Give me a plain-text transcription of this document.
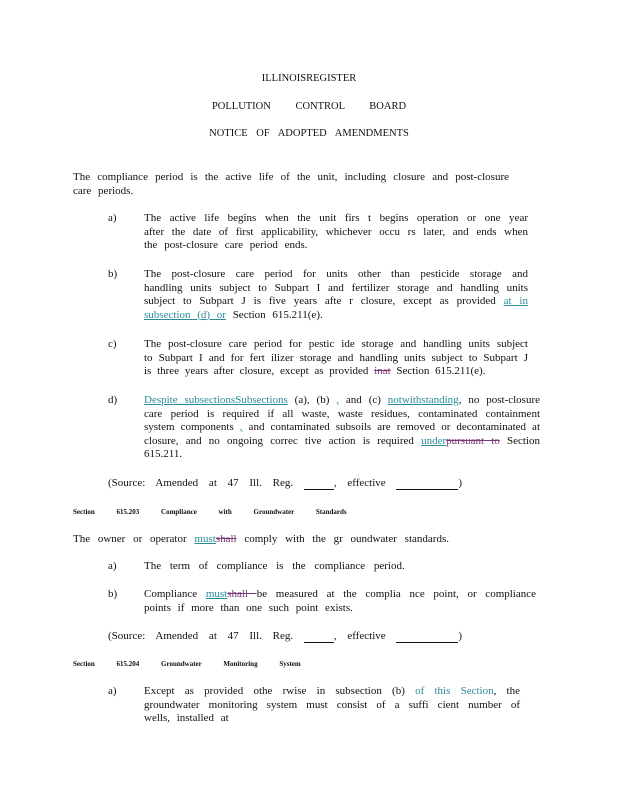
ILLINOISREGISTER
POLLUTION CONTROL BOARD
NOTICE OF ADOPTED AMENDMENTS
The compliance period is the active life of the unit, including closure and post-closure care periods.
a) The active life begins when the unit firs t begins operation or one year after the date of first applicability, whichever occu rs later, and ends when the post-closure care period ends.
b) The post-closure care period for units other than pesticide storage and handling units subject to Subpart I and fertilizer storage and handling units subject to Subpart J is five years afte r closure, except as provided at in subsection (d) or Section 615.211(e).
c) The post-closure care period for pestic ide storage and handling units subject to Subpart I and for fert ilizer storage and handling units subject to Subpart J is three years after closure, except as provided inat Section 615.211(e).
d) Despite subsectionsSubsections (a), (b) , and (c) notwithstanding, no post-closure care period is required if all waste, waste residues, contaminated containment system components , and contaminated subsoils are removed or decontaminated at closure, and no ongoing correc tive action is required underpursuant to Section 615.211.
(Source: Amended at 47 Ill. Reg.	, effective	)
Section 615.203	Compliance with Groundwater Standards
The owner or operator mustshall comply with the gr oundwater standards.
a) The term of compliance is the compliance period.
b) Compliance mustshall be measured at the complia nce point, or compliance points if more than one such point exists.
(Source: Amended at 47 Ill. Reg.	, effective	)
Section 615.204	Groundwater Monitoring System
a) Except as provided othe rwise in subsection (b) of this Section, the groundwater monitoring system must consist of a suffi cient number of wells, installed at
